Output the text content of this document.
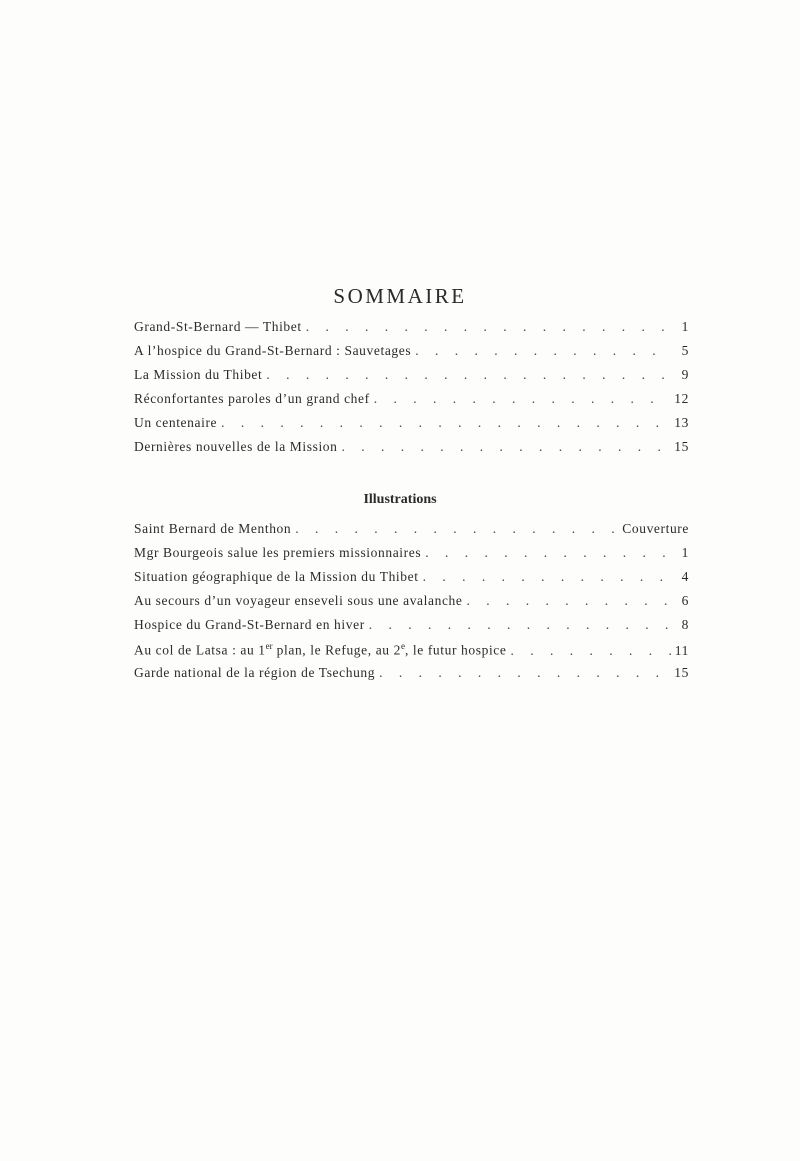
SOMMAIRE
Grand-St-Bernard — Thibet . . .	1
A l’hospice du Grand-St-Bernard : Sauvetages . . .	5
La Mission du Thibet . . .	9
Réconfortantes paroles d’un grand chef . . .	12
Un centenaire . . .	13
Dernières nouvelles de la Mission . . .	15
Illustrations
Saint Bernard de Menthon . . .	Couverture
Mgr Bourgeois salue les premiers missionnaires . . .	1
Situation géographique de la Mission du Thibet . . .	4
Au secours d’un voyageur enseveli sous une avalanche . . .	6
Hospice du Grand-St-Bernard en hiver . . .	8
Au col de Latsa : au 1er plan, le Refuge, au 2e, le futur hospice . . .	11
Garde national de la région de Tsechung . . .	15
